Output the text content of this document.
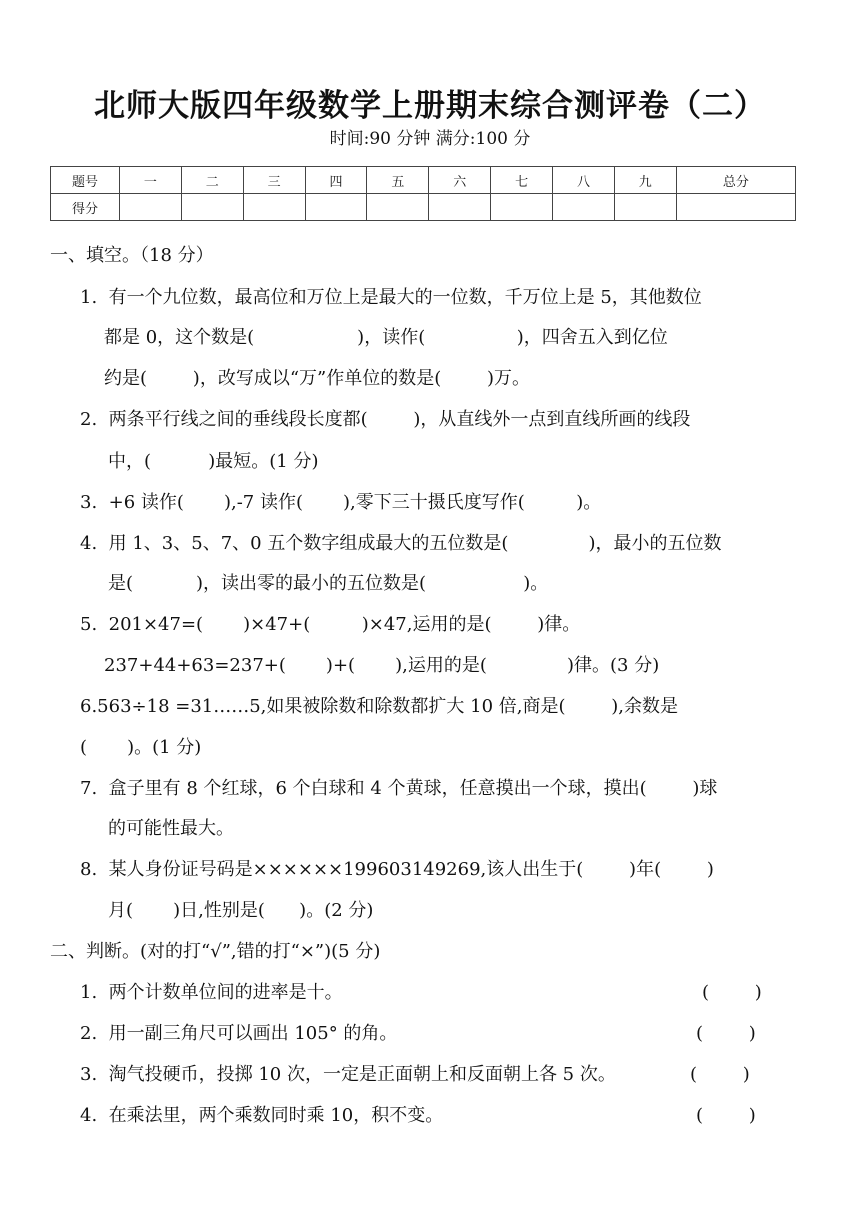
北师大版四年级数学上册期末综合测评卷（二）
时间:90 分钟 满分:100 分
题号	一	二	三	四	五	六	七	八	九	总分
得分										
一、填空。（18 分）
1.  有一个九位数，最高位和万位上是最大的一位数，千万位上是 5，其他数位
都是 0，这个数是(                  )，读作(                )，四舍五入到亿位
约是(        )，改写成以“万”作单位的数是(        )万。
2.  两条平行线之间的垂线段长度都(        )，从直线外一点到直线所画的线段
中，(          )最短。(1 分)
3.  +6 读作(       ),-7 读作(       ),零下三十摄氏度写作(         )。
4.  用 1、3、5、7、0 五个数字组成最大的五位数是(              )，最小的五位数
是(           )，读出零的最小的五位数是(                 )。
5.  201×47=(       )×47+(         )×47,运用的是(        )律。
237+44+63=237+(       )+(       ),运用的是(              )律。(3 分)
6.563÷18 =31……5,如果被除数和除数都扩大 10 倍,商是(        ),余数是
(       )。(1 分)
7.  盒子里有 8 个红球，6 个白球和 4 个黄球，任意摸出一个球，摸出(        )球
的可能性最大。
8.  某人身份证号码是××××××199603149269,该人出生于(        )年(        )
月(       )日,性别是(      )。(2 分)
二、判断。(对的打“√”,错的打“×”)(5 分)
1.  两个计数单位间的进率是十。	(        )
2.  用一副三角尺可以画出 105° 的角。	(        )
3.  淘气投硬币，投掷 10 次，一定是正面朝上和反面朝上各 5 次。	(        )
4.  在乘法里，两个乘数同时乘 10，积不变。	(        )
